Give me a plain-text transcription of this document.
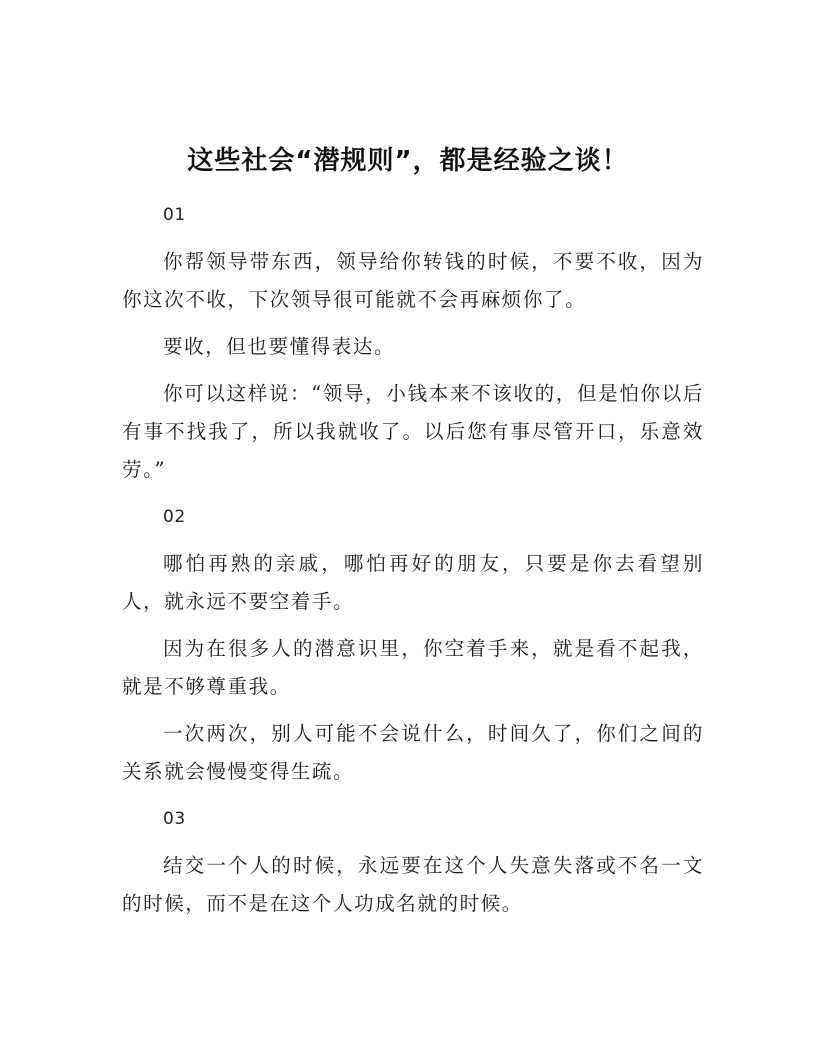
这些社会“潜规则”，都是经验之谈！
01

你帮领导带东西，领导给你转钱的时候，不要不收，因为你这次不收，下次领导很可能就不会再麻烦你了。

要收，但也要懂得表达。

你可以这样说：“领导，小钱本来不该收的，但是怕你以后有事不找我了，所以我就收了。以后您有事尽管开口，乐意效劳。”

02

哪怕再熟的亲戚，哪怕再好的朋友，只要是你去看望别人，就永远不要空着手。

因为在很多人的潜意识里，你空着手来，就是看不起我，就是不够尊重我。

一次两次，别人可能不会说什么，时间久了，你们之间的关系就会慢慢变得生疏。

03

结交一个人的时候，永远要在这个人失意失落或不名一文的时候，而不是在这个人功成名就的时候。
